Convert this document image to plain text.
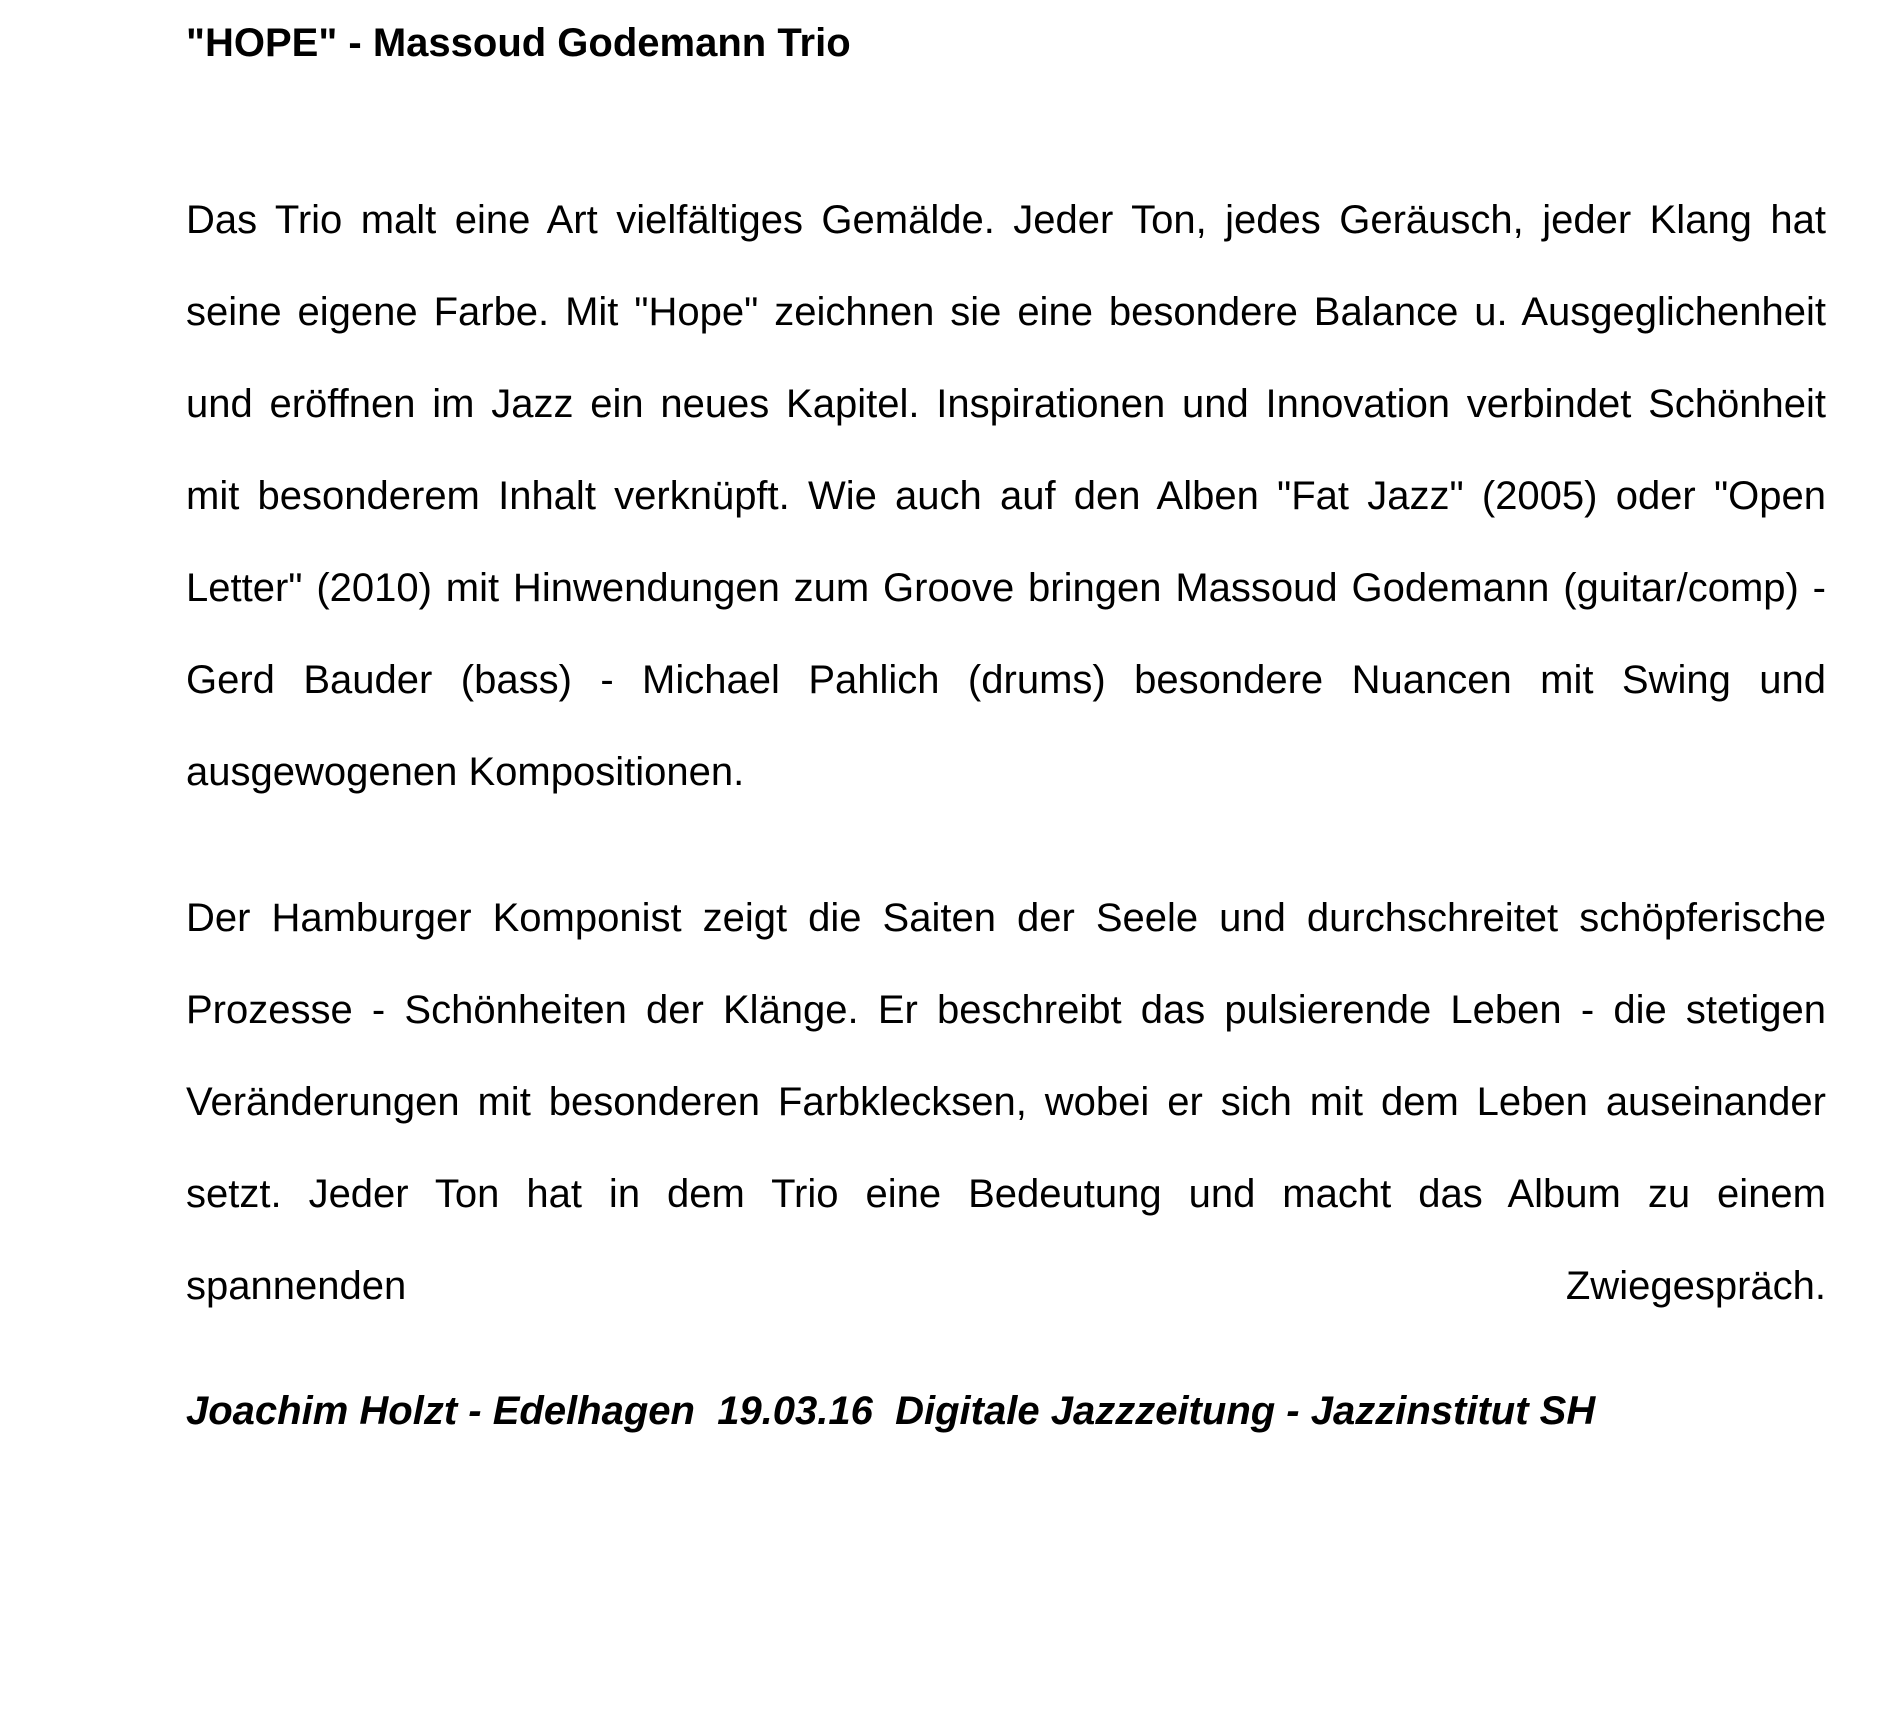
"HOPE" - Massoud Godemann Trio

Das Trio malt eine Art vielfältiges Gemälde. Jeder Ton, jedes Geräusch, jeder Klang hat seine eigene Farbe. Mit "Hope" zeichnen sie eine besondere Balance u. Ausgeglichenheit und eröffnen im Jazz ein neues Kapitel. Inspirationen und Innovation verbindet Schönheit mit besonderem Inhalt verknüpft. Wie auch auf den Alben "Fat Jazz" (2005) oder "Open Letter" (2010) mit Hinwendungen zum Groove bringen Massoud Godemann (guitar/comp) - Gerd Bauder (bass) - Michael Pahlich (drums) besondere Nuancen mit Swing und ausgewogenen Kompositionen.

Der Hamburger Komponist zeigt die Saiten der Seele und durchschreitet schöpferische Prozesse - Schönheiten der Klänge. Er beschreibt das pulsierende Leben - die stetigen Veränderungen mit besonderen Farbklecksen, wobei er sich mit dem Leben auseinander setzt. Jeder Ton hat in dem Trio eine Bedeutung und macht das Album zu einem spannenden Zwiegespräch.

Joachim Holzt - Edelhagen  19.03.16  Digitale Jazzzeitung - Jazzinstitut SH
